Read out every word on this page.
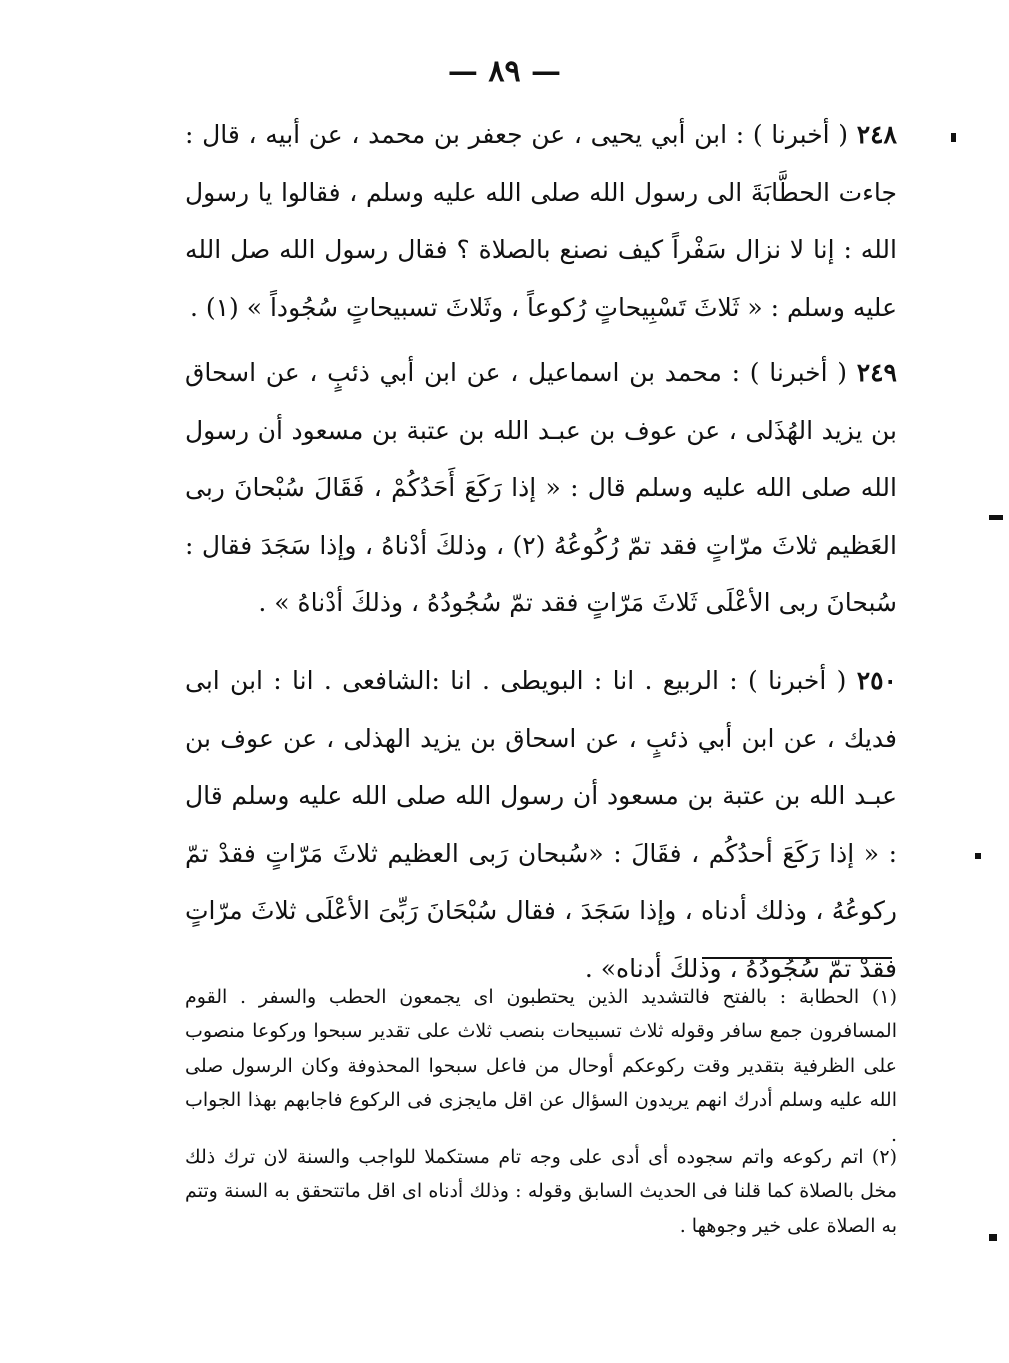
— ٨٩ —

٢٤٨ ( أخبرنا ) : ابن أبي يحيى ، عن جعفر بن محمد ، عن أبيه ، قال : جاءت الحطَّابَةَ الى رسول الله صلى الله عليه وسلم ، فقالوا يا رسول الله : إنا لا نزال سَفْراً كيف نصنع بالصلاة ؟ فقال رسول الله صل الله عليه وسلم : « ثَلاثَ تَسْبِيحاتٍ رُكوعاً ، وثَلاثَ تسبيحاتٍ سُجُوداً » (١) .

٢٤٩ ( أخبرنا ) : محمد بن اسماعيل ، عن ابن أبي ذئبٍ ، عن اسحاق بن يزيد الهُذَلى ، عن عوف بن عبـد الله بن عتبة بن مسعود أن رسول الله صلى الله عليه وسلم قال : « إذا رَكَعَ أَحَدُكُمْ ، فَقَالَ سُبْحانَ ربى العَظيم ثلاثَ مرّاتٍ فقد تمّ رُكُوعُهُ (٢) ، وذلكَ أدْناهُ ، وإذا سَجَدَ فقال : سُبحانَ ربى الأعْلَى ثَلاثَ مَرّاتٍ فقد تمّ سُجُودُهُ ، وذلكَ أدْناهُ » .

٢٥٠ ( أخبرنا ) : الربيع . انا : البويطى . انا :الشافعى . انا : ابن ابى فديك ، عن ابن أبي ذئبٍ ، عن اسحاق بن يزيد الهذلى ، عن عوف بن عبـد الله بن عتبة بن مسعود أن رسول الله صلى الله عليه وسلم قال : « إذا رَكَعَ أحدُكُم ، فقَالَ : «سُبحان رَبى العظيم ثلاثَ مَرّاتٍ فقدْ تمّ ركوعُهُ ، وذلك أدناه ، وإذا سَجَدَ ، فقال سُبْحَانَ رَبِّىَ الأعْلَى ثلاثَ مرّاتٍ فقدْ تمّ سُجُودُهُ ، وذلكَ أدناه» .

(١) الحطابة : بالفتح فالتشديد الذين يحتطبون اى يجمعون الحطب والسفر . القوم المسافرون جمع سافر وقوله ثلاث تسبيحات بنصب ثلاث على تقدير سبحوا وركوعا منصوب على الظرفية بتقدير وقت ركوعكم أوحال من فاعل سبحوا المحذوفة وكان الرسول صلى الله عليه وسلم أدرك انهم يريدون السؤال عن اقل مايجزى فى الركوع فاجابهم بهذا الجواب .

(٢) اتم ركوعه واتم سجوده أى أدى على وجه تام مستكملا للواجب والسنة لان ترك ذلك مخل بالصلاة كما قلنا فى الحديث السابق وقوله : وذلك أدناه اى اقل ماتتحقق به السنة وتتم به الصلاة على خير وجوهها .
